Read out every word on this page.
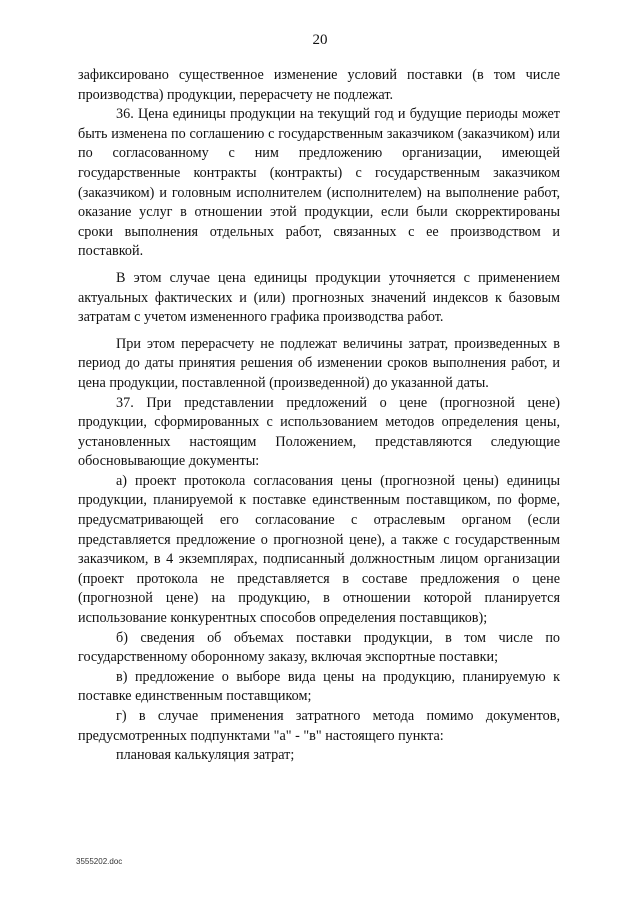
20

зафиксировано существенное изменение условий поставки (в том числе производства) продукции, перерасчету не подлежат.

36. Цена единицы продукции на текущий год и будущие периоды может быть изменена по соглашению с государственным заказчиком (заказчиком) или по согласованному с ним предложению организации, имеющей государственные контракты (контракты) с государственным заказчиком (заказчиком) и головным исполнителем (исполнителем) на выполнение работ, оказание услуг в отношении этой продукции, если были скорректированы сроки выполнения отдельных работ, связанных с ее производством и поставкой.

В этом случае цена единицы продукции уточняется с применением актуальных фактических и (или) прогнозных значений индексов к базовым затратам с учетом измененного графика производства работ.

При этом перерасчету не подлежат величины затрат, произведенных в период до даты принятия решения об изменении сроков выполнения работ, и цена продукции, поставленной (произведенной) до указанной даты.

37. При представлении предложений о цене (прогнозной цене) продукции, сформированных с использованием методов определения цены, установленных настоящим Положением, представляются следующие обосновывающие документы:

а) проект протокола согласования цены (прогнозной цены) единицы продукции, планируемой к поставке единственным поставщиком, по форме, предусматривающей его согласование с отраслевым органом (если представляется предложение о прогнозной цене), а также с государственным заказчиком, в 4 экземплярах, подписанный должностным лицом организации (проект протокола не представляется в составе предложения о цене (прогнозной цене) на продукцию, в отношении которой планируется использование конкурентных способов определения поставщиков);

б) сведения об объемах поставки продукции, в том числе по государственному оборонному заказу, включая экспортные поставки;

в) предложение о выборе вида цены на продукцию, планируемую к поставке единственным поставщиком;

г) в случае применения затратного метода помимо документов, предусмотренных подпунктами "а" - "в" настоящего пункта:

плановая калькуляция затрат;

3555202.doc
